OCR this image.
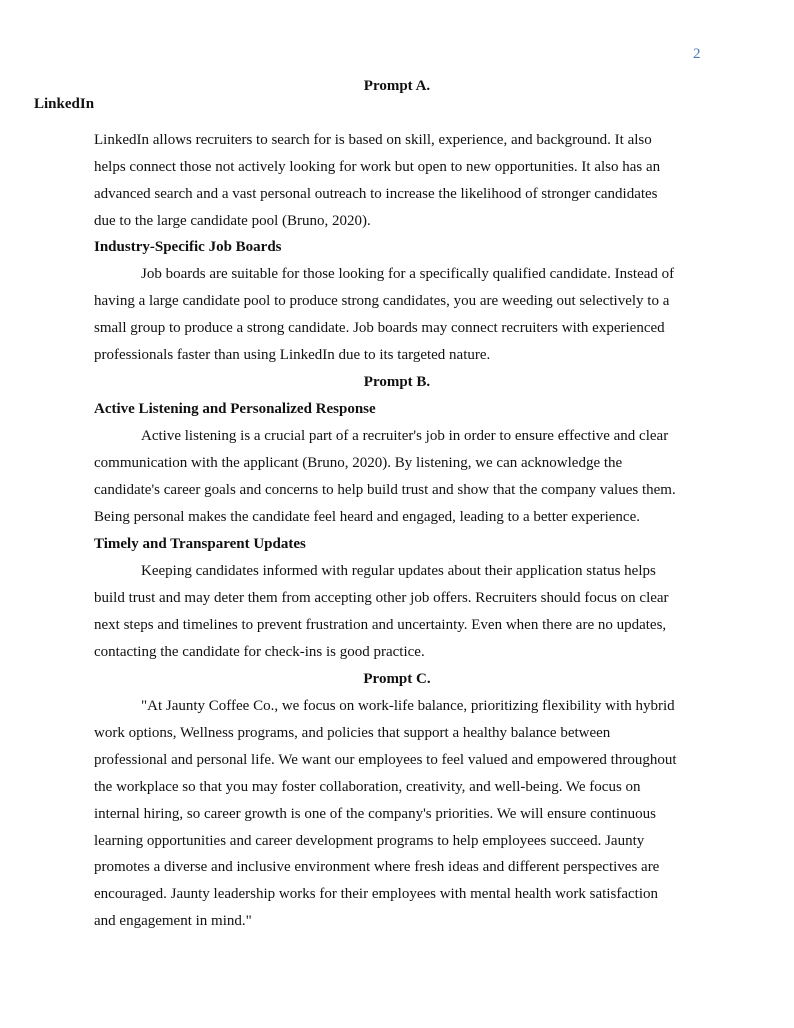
2
Prompt A.
LinkedIn
LinkedIn allows recruiters to search for is based on skill, experience, and background. It also
helps connect those not actively looking for work but open to new opportunities. It also has an
advanced search and a vast personal outreach to increase the likelihood of stronger candidates
due to the large candidate pool (Bruno, 2020).
Industry-Specific Job Boards
Job boards are suitable for those looking for a specifically qualified candidate. Instead of
having a large candidate pool to produce strong candidates, you are weeding out selectively to a
small group to produce a strong candidate. Job boards may connect recruiters with experienced
professionals faster than using LinkedIn due to its targeted nature.
Prompt B.
Active Listening and Personalized Response
Active listening is a crucial part of a recruiter's job in order to ensure effective and clear
communication with the applicant (Bruno, 2020). By listening, we can acknowledge the
candidate's career goals and concerns to help build trust and show that the company values them.
Being personal makes the candidate feel heard and engaged, leading to a better experience.
Timely and Transparent Updates
Keeping candidates informed with regular updates about their application status helps
build trust and may deter them from accepting other job offers. Recruiters should focus on clear
next steps and timelines to prevent frustration and uncertainty. Even when there are no updates,
contacting the candidate for check-ins is good practice.
Prompt C.
"At Jaunty Coffee Co., we focus on work-life balance, prioritizing flexibility with hybrid
work options, Wellness programs, and policies that support a healthy balance between
professional and personal life. We want our employees to feel valued and empowered throughout
the workplace so that you may foster collaboration, creativity, and well-being. We focus on
internal hiring, so career growth is one of the company's priorities. We will ensure continuous
learning opportunities and career development programs to help employees succeed. Jaunty
promotes a diverse and inclusive environment where fresh ideas and different perspectives are
encouraged. Jaunty leadership works for their employees with mental health work satisfaction
and engagement in mind."
